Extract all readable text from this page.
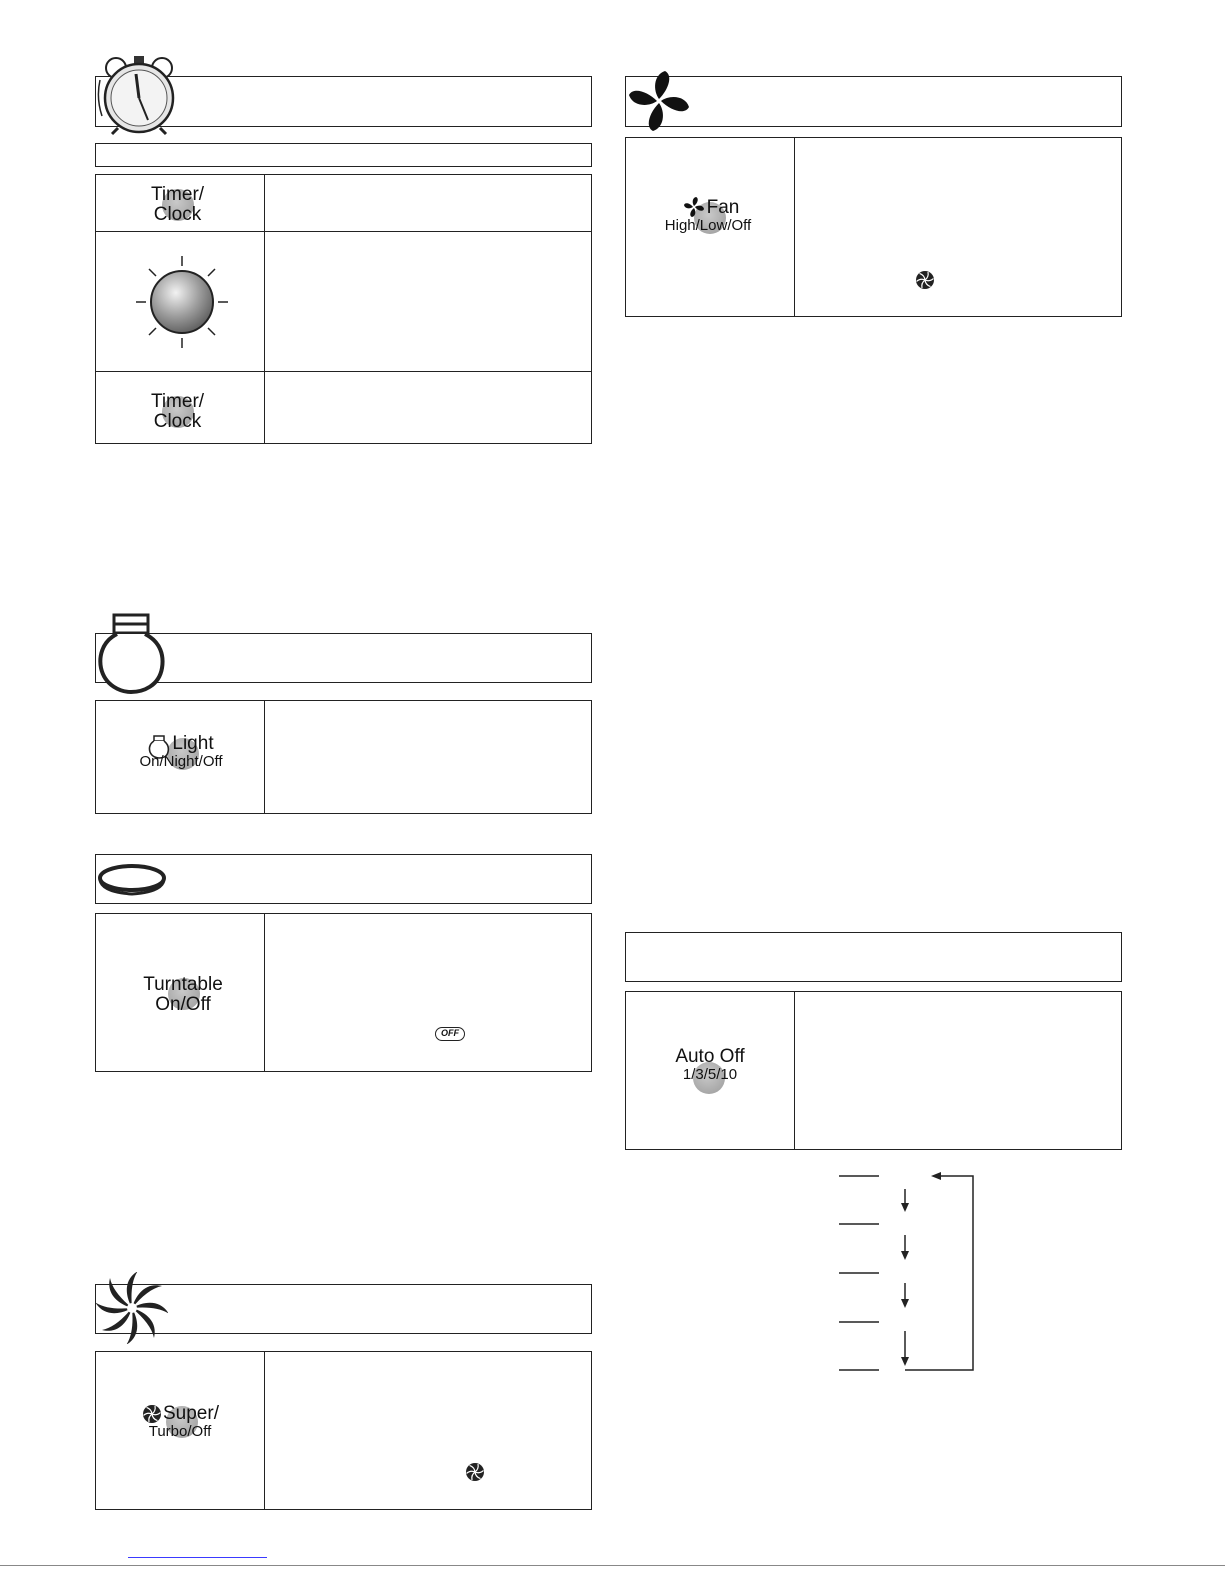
Timer/
Clock
Timer/
Clock
Light
On/Night/Off
Turntable
On/Off
OFF
Super/
Turbo/Off
Fan
High/Low/Off
Auto Off
1/3/5/10
